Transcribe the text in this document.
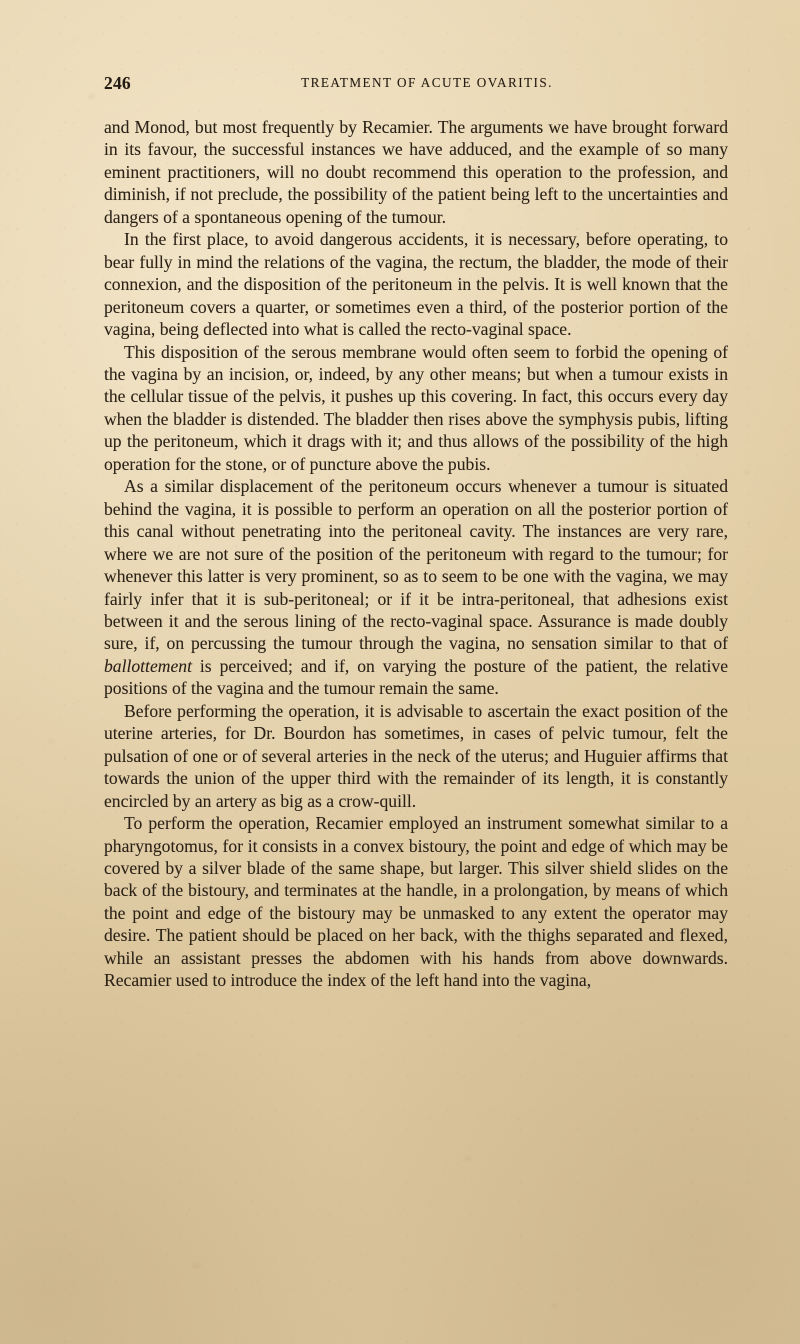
246	TREATMENT OF ACUTE OVARITIS.

and Monod, but most frequently by Recamier. The arguments we have brought forward in its favour, the successful instances we have adduced, and the example of so many eminent practitioners, will no doubt recommend this operation to the profession, and diminish, if not preclude, the possibility of the patient being left to the uncertainties and dangers of a spontaneous opening of the tumour.

In the first place, to avoid dangerous accidents, it is necessary, before operating, to bear fully in mind the relations of the vagina, the rectum, the bladder, the mode of their connexion, and the disposition of the peritoneum in the pelvis. It is well known that the peritoneum covers a quarter, or sometimes even a third, of the posterior portion of the vagina, being deflected into what is called the recto-vaginal space.

This disposition of the serous membrane would often seem to forbid the opening of the vagina by an incision, or, indeed, by any other means; but when a tumour exists in the cellular tissue of the pelvis, it pushes up this covering. In fact, this occurs every day when the bladder is distended. The bladder then rises above the symphysis pubis, lifting up the peritoneum, which it drags with it; and thus allows of the possibility of the high operation for the stone, or of puncture above the pubis.

As a similar displacement of the peritoneum occurs whenever a tumour is situated behind the vagina, it is possible to perform an operation on all the posterior portion of this canal without penetrating into the peritoneal cavity. The instances are very rare, where we are not sure of the position of the peritoneum with regard to the tumour; for whenever this latter is very prominent, so as to seem to be one with the vagina, we may fairly infer that it is sub-peritoneal; or if it be intra-peritoneal, that adhesions exist between it and the serous lining of the recto-vaginal space. Assurance is made doubly sure, if, on percussing the tumour through the vagina, no sensation similar to that of ballottement is perceived; and if, on varying the posture of the patient, the relative positions of the vagina and the tumour remain the same.

Before performing the operation, it is advisable to ascertain the exact position of the uterine arteries, for Dr. Bourdon has sometimes, in cases of pelvic tumour, felt the pulsation of one or of several arteries in the neck of the uterus; and Huguier affirms that towards the union of the upper third with the remainder of its length, it is constantly encircled by an artery as big as a crow-quill.

To perform the operation, Recamier employed an instrument somewhat similar to a pharyngotomus, for it consists in a convex bistoury, the point and edge of which may be covered by a silver blade of the same shape, but larger. This silver shield slides on the back of the bistoury, and terminates at the handle, in a prolongation, by means of which the point and edge of the bistoury may be unmasked to any extent the operator may desire. The patient should be placed on her back, with the thighs separated and flexed, while an assistant presses the abdomen with his hands from above downwards. Recamier used to introduce the index of the left hand into the vagina,
